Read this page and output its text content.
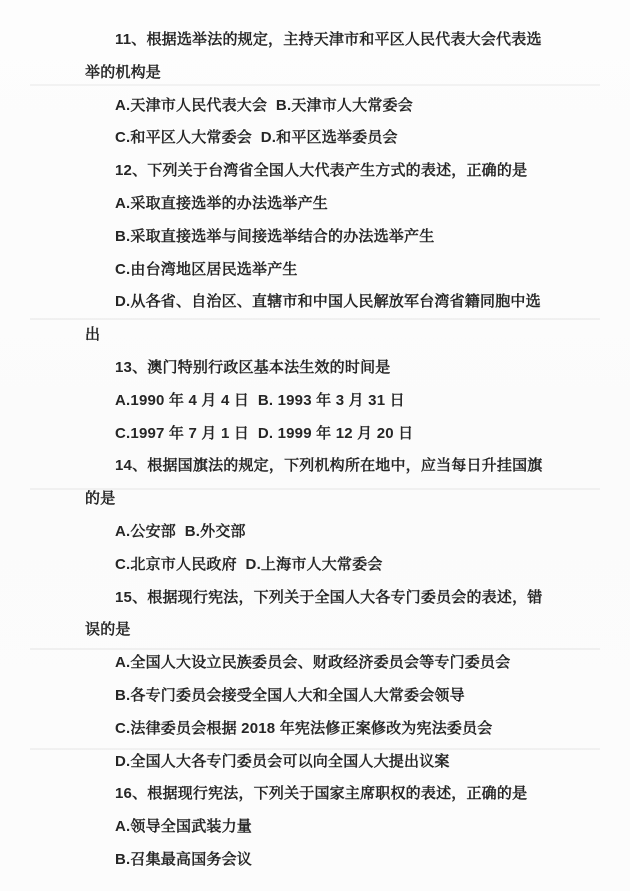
11、根据选举法的规定，主持天津市和平区人民代表大会代表选举的机构是

A.天津市人民代表大会  B.天津市人大常委会

C.和平区人大常委会  D.和平区选举委员会

12、下列关于台湾省全国人大代表产生方式的表述，正确的是

A.采取直接选举的办法选举产生

B.采取直接选举与间接选举结合的办法选举产生

C.由台湾地区居民选举产生

D.从各省、自治区、直辖市和中国人民解放军台湾省籍同胞中选出

13、澳门特别行政区基本法生效的时间是

A.1990 年 4 月 4 日  B. 1993 年 3 月 31 日

C.1997 年 7 月 1 日  D. 1999 年 12 月 20 日

14、根据国旗法的规定，下列机构所在地中，应当每日升挂国旗的是

A.公安部  B.外交部

C.北京市人民政府  D.上海市人大常委会

15、根据现行宪法，下列关于全国人大各专门委员会的表述，错误的是

A.全国人大设立民族委员会、财政经济委员会等专门委员会

B.各专门委员会接受全国人大和全国人大常委会领导

C.法律委员会根据 2018 年宪法修正案修改为宪法委员会

D.全国人大各专门委员会可以向全国人大提出议案

16、根据现行宪法，下列关于国家主席职权的表述，正确的是

A.领导全国武装力量

B.召集最高国务会议
